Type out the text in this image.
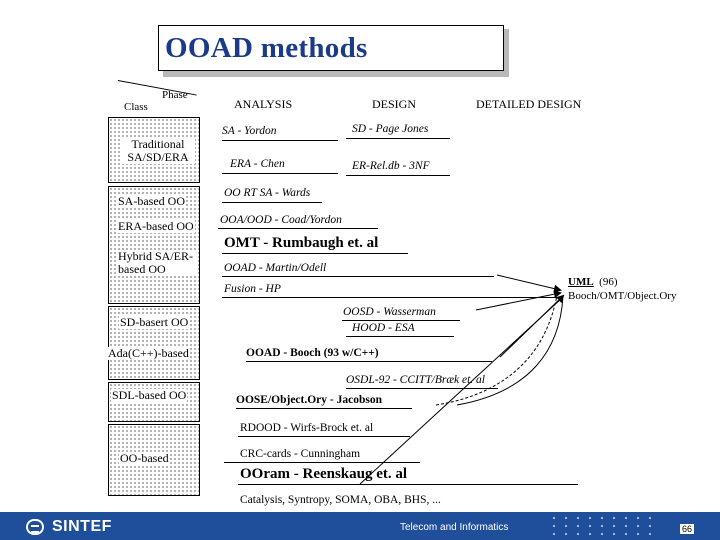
OOAD methods
Phase
Class	ANALYSIS	DESIGN	DETAILED DESIGN
Traditional SA/SD/ERA
SA-based OO
ERA-based OO
Hybrid SA/ER-based OO
SD-basert OO
Ada(C++)-based
SDL-based OO
OO-based
SA - Yordon	SD - Page Jones
ERA - Chen	ER-Rel.db - 3NF
OO RT SA - Wards
OOA/OOD - Coad/Yordon
OMT - Rumbaugh et. al
OOAD - Martin/Odell
Fusion - HP
UML (96)
Booch/OMT/Object.Ory
OOSD - Wasserman
HOOD - ESA
OOAD - Booch (93 w/C++)
OSDL-92 - CCITT/Bræk et. al
OOSE/Object.Ory - Jacobson
RDOOD - Wirfs-Brock et. al
CRC-cards - Cunningham
OOram - Reenskaug et. al
Catalysis, Syntropy, SOMA, OBA, BHS, ...
SINTEF	Telecom and Informatics	66
